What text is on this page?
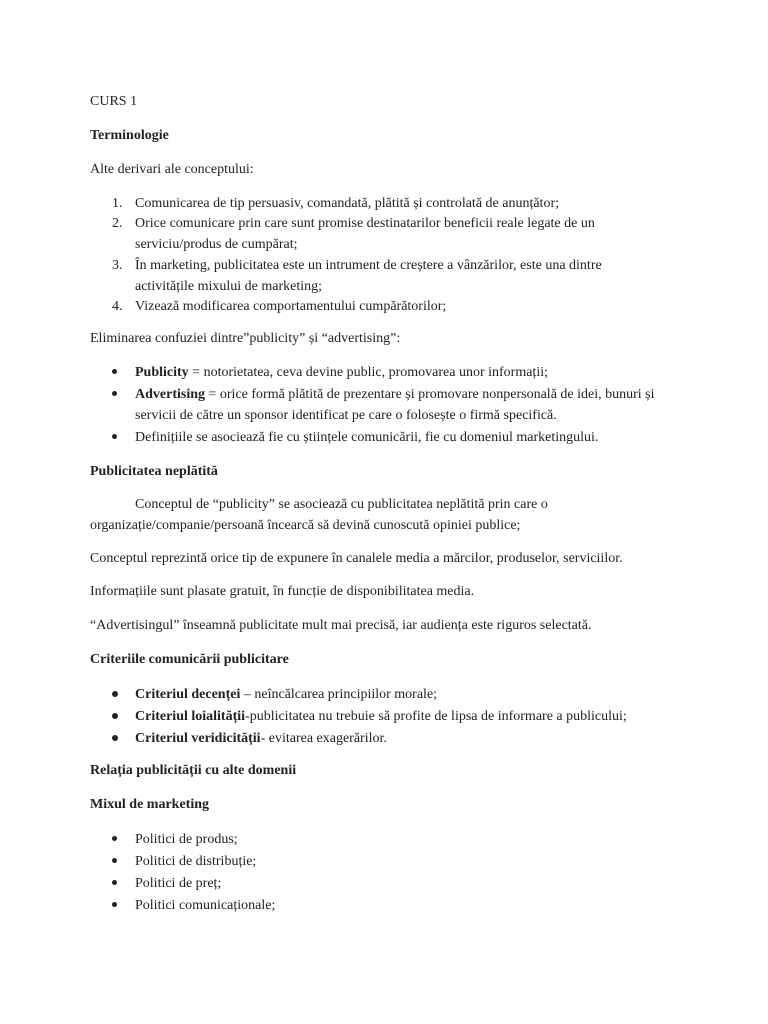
CURS 1
Terminologie
Alte derivari ale conceptului:
1. Comunicarea de tip persuasiv, comandată, plătită și controlată de anunțător;
2. Orice comunicare prin care sunt promise destinatarilor beneficii reale legate de un serviciu/produs de cumpărat;
3. În marketing, publicitatea este un intrument de creștere a vânzărilor, este una dintre activitățile mixului de marketing;
4. Vizează modificarea comportamentului cumpărătorilor;
Eliminarea confuziei dintre”publicity” și “advertising”:
Publicity = notorietatea, ceva devine public, promovarea unor informații;
Advertising = orice formă plătită de prezentare și promovare nonpersonală de idei, bunuri și servicii de către un sponsor identificat pe care o folosește o firmă specifică.
Definițiile se asociează fie cu științele comunicării, fie cu domeniul marketingului.
Publicitatea neplătită
Conceptul de “publicity” se asociează cu publicitatea neplătită prin care o
organizație/companie/persoană încearcă să devină cunoscută opiniei publice;
Conceptul reprezintă orice tip de expunere în canalele media a mărcilor, produselor, serviciilor.
Informațiile sunt plasate gratuit, în funcție de disponibilitatea media.
“Advertisingul” înseamnă publicitate mult mai precisă, iar audiența este riguros selectată.
Criteriile comunicării publicitare
Criteriul decenței – neîncălcarea principiilor morale;
Criteriul loialității-publicitatea nu trebuie să profite de lipsa de informare a publicului;
Criteriul veridicității- evitarea exagerărilor.
Relația publicității cu alte domenii
Mixul de marketing
Politici de produs;
Politici de distribuție;
Politici de preț;
Politici comunicaționale;
